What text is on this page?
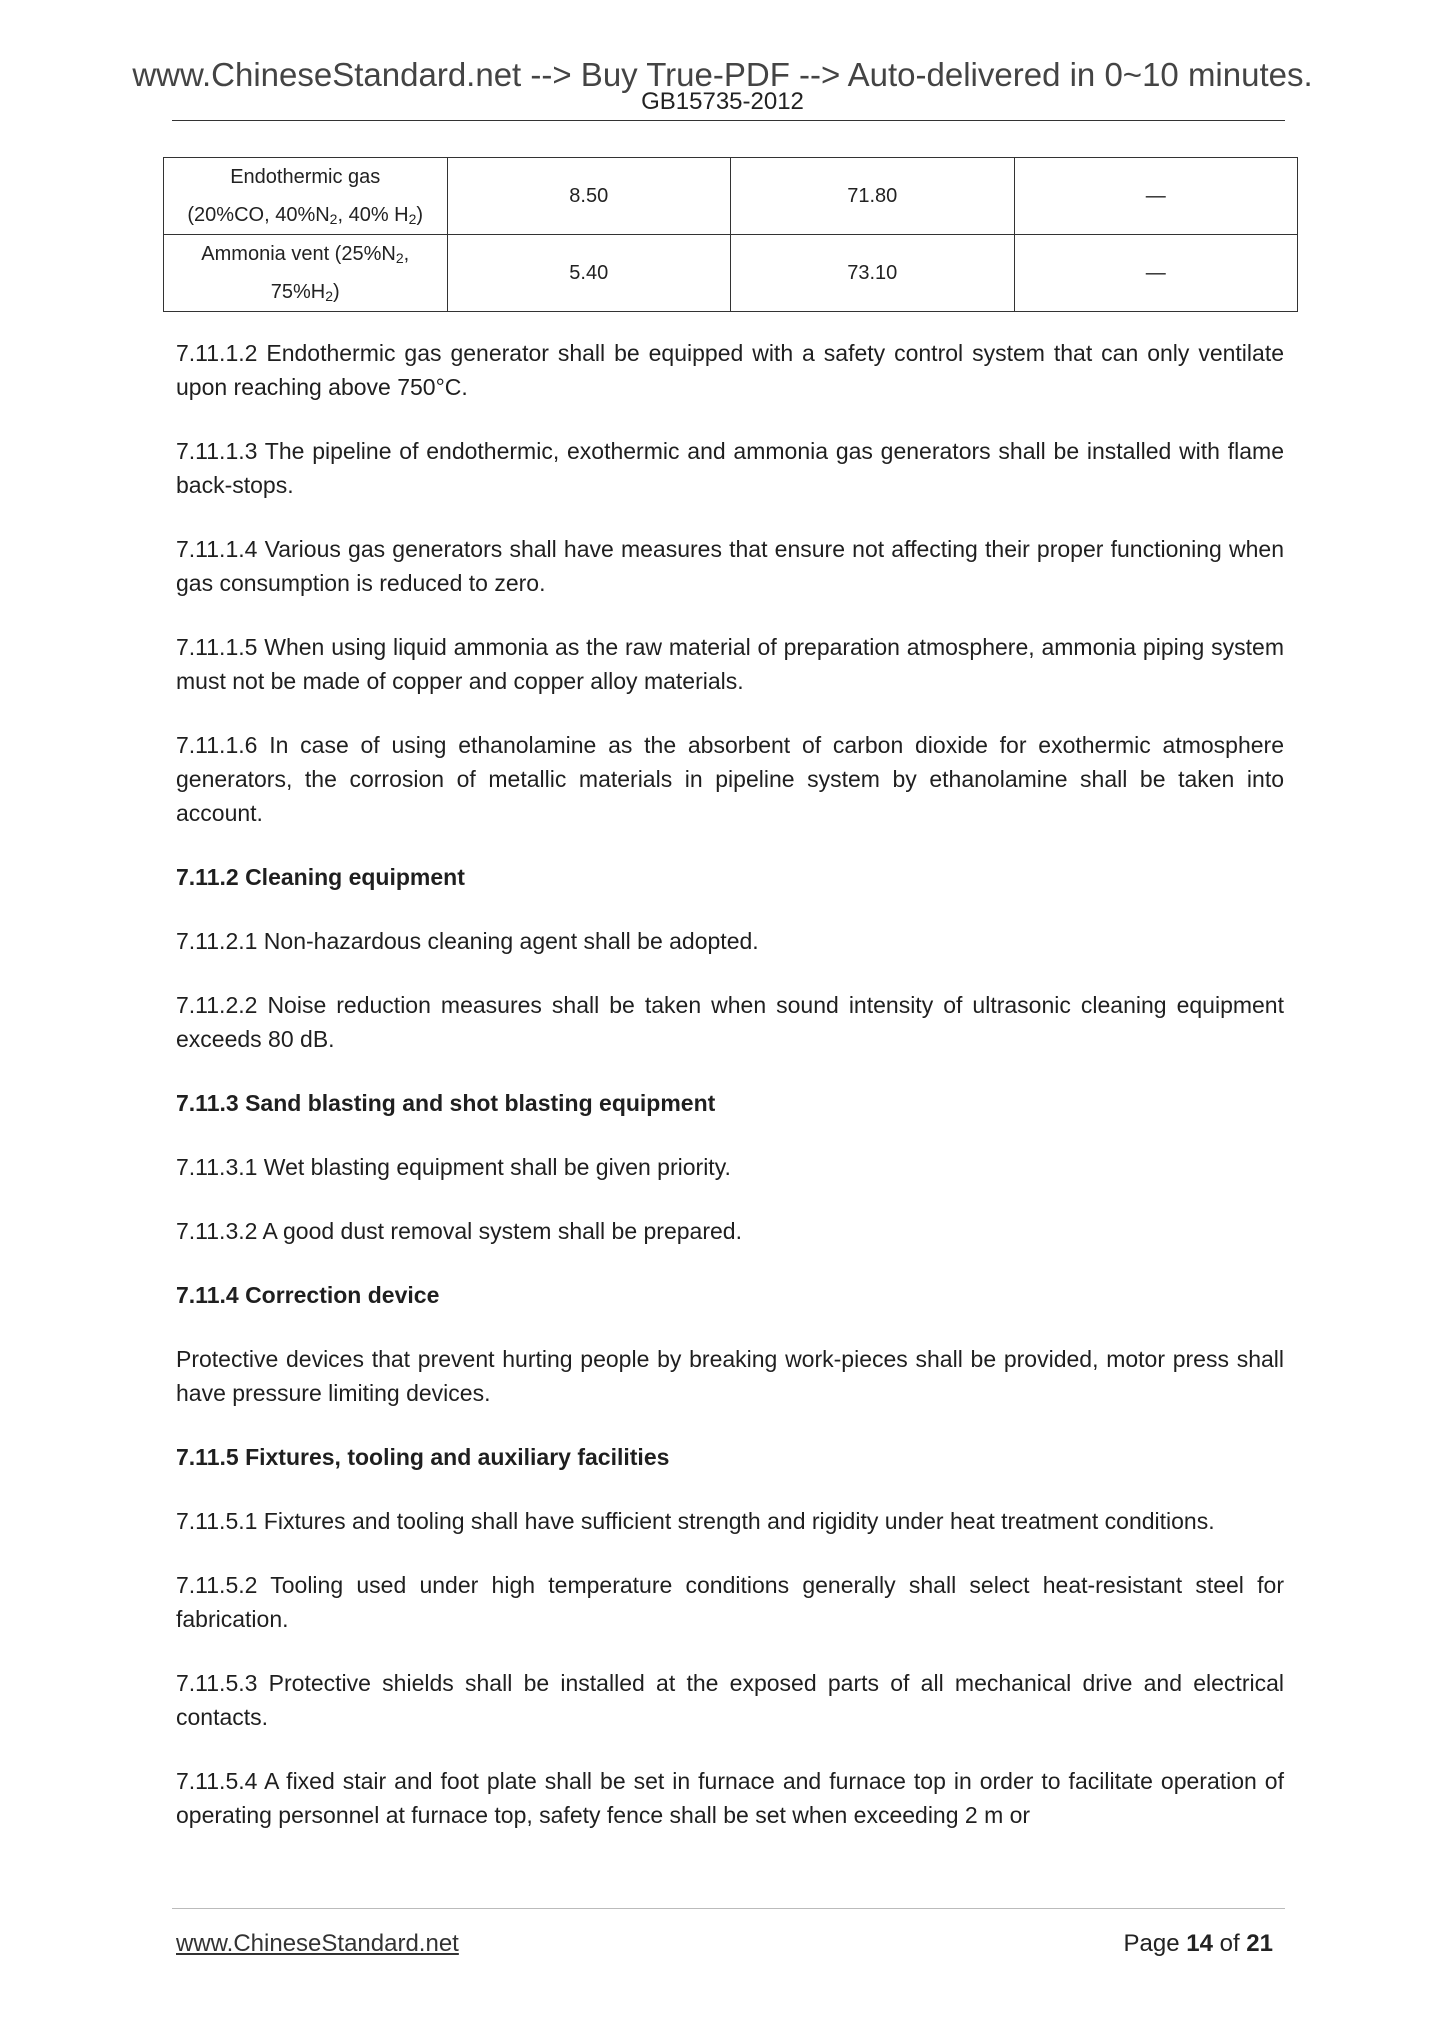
www.ChineseStandard.net --> Buy True-PDF --> Auto-delivered in 0~10 minutes.
GB15735-2012
Endothermic gas
(20%CO, $40\%N_2$, 40% $H_2$)	8.50	71.80	—
Ammonia vent ($25\%N_2$,
$75\%H_2$)	5.40	73.10	—

7.11.1.2 Endothermic gas generator shall be equipped with a safety control system that can only ventilate upon reaching above 750°C.

7.11.1.3 The pipeline of endothermic, exothermic and ammonia gas generators shall be installed with flame back-stops.

7.11.1.4 Various gas generators shall have measures that ensure not affecting their proper functioning when gas consumption is reduced to zero.

7.11.1.5 When using liquid ammonia as the raw material of preparation atmosphere, ammonia piping system must not be made of copper and copper alloy materials.

7.11.1.6 In case of using ethanolamine as the absorbent of carbon dioxide for exothermic atmosphere generators, the corrosion of metallic materials in pipeline system by ethanolamine shall be taken into account.

7.11.2 Cleaning equipment

7.11.2.1 Non-hazardous cleaning agent shall be adopted.

7.11.2.2 Noise reduction measures shall be taken when sound intensity of ultrasonic cleaning equipment exceeds 80 dB.

7.11.3 Sand blasting and shot blasting equipment

7.11.3.1 Wet blasting equipment shall be given priority.

7.11.3.2 A good dust removal system shall be prepared.

7.11.4 Correction device

Protective devices that prevent hurting people by breaking work-pieces shall be provided, motor press shall have pressure limiting devices.

7.11.5 Fixtures, tooling and auxiliary facilities

7.11.5.1 Fixtures and tooling shall have sufficient strength and rigidity under heat treatment conditions.

7.11.5.2 Tooling used under high temperature conditions generally shall select heat-resistant steel for fabrication.

7.11.5.3 Protective shields shall be installed at the exposed parts of all mechanical drive and electrical contacts.

7.11.5.4 A fixed stair and foot plate shall be set in furnace and furnace top in order to facilitate operation of operating personnel at furnace top, safety fence shall be set when exceeding 2 m or

www.ChineseStandard.net	Page 14 of 21
